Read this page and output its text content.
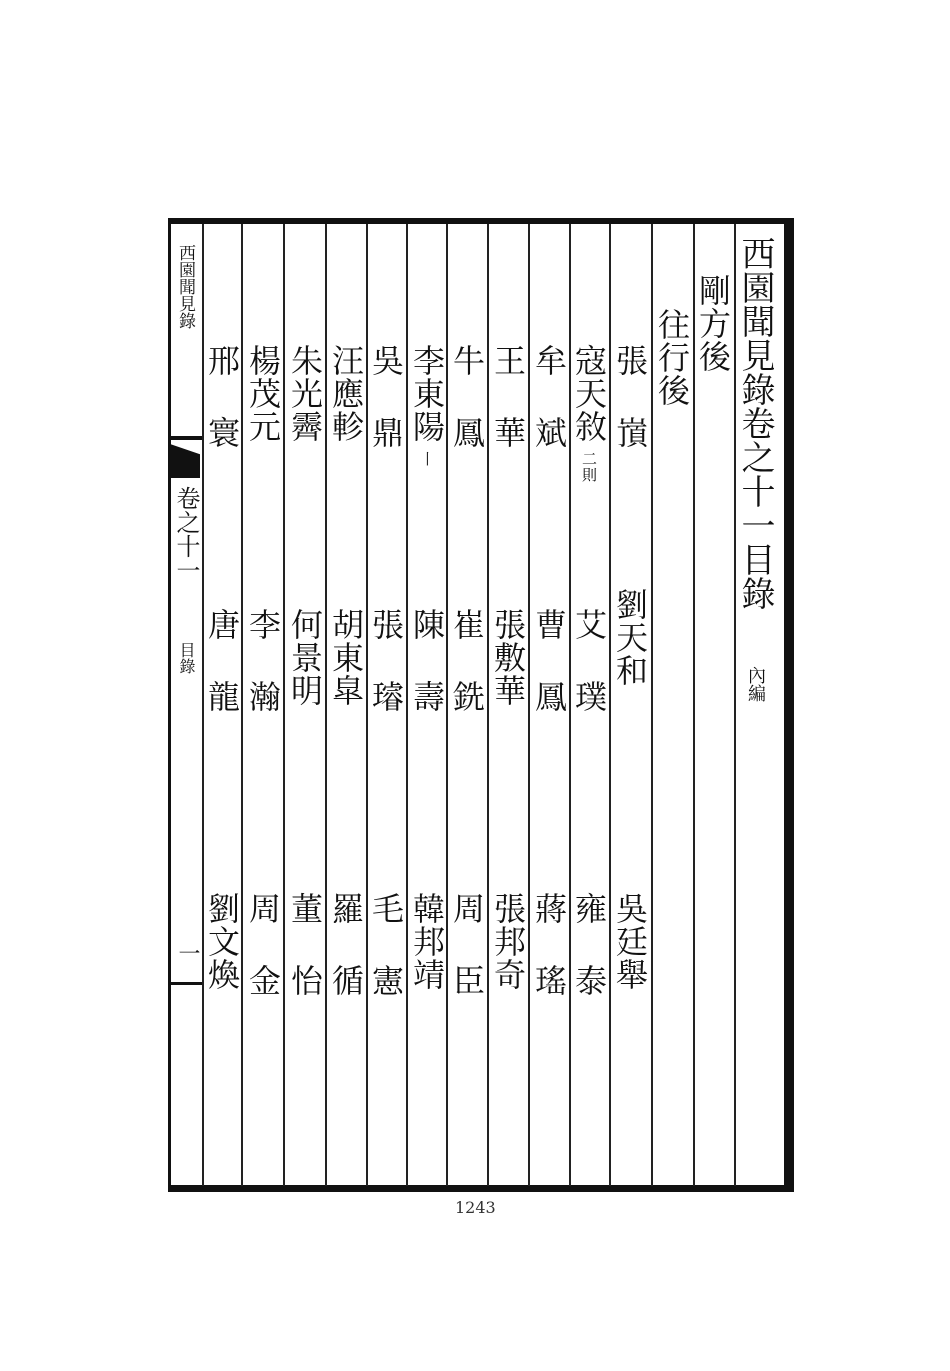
西園聞見錄卷之十一目錄 內編
剛方後
往行後
張 嵿
劉天和
吳廷舉
寇天敘二則
艾 璞
雍 泰
牟 斌
曹 鳳
蔣 瑤
王 華
張敷華
張邦奇
牛 鳳
崔 銑
周 臣
李東陽丨
陳 壽
韓邦靖
吳 鼎
張 璿
毛 憲
汪應軫
胡東皐
羅 循
朱光霽
何景明
董 怡
楊茂元
李 瀚
周 金
邢 寰
唐 龍
劉文煥
西園聞見錄
卷之十一
目錄
一
1243
